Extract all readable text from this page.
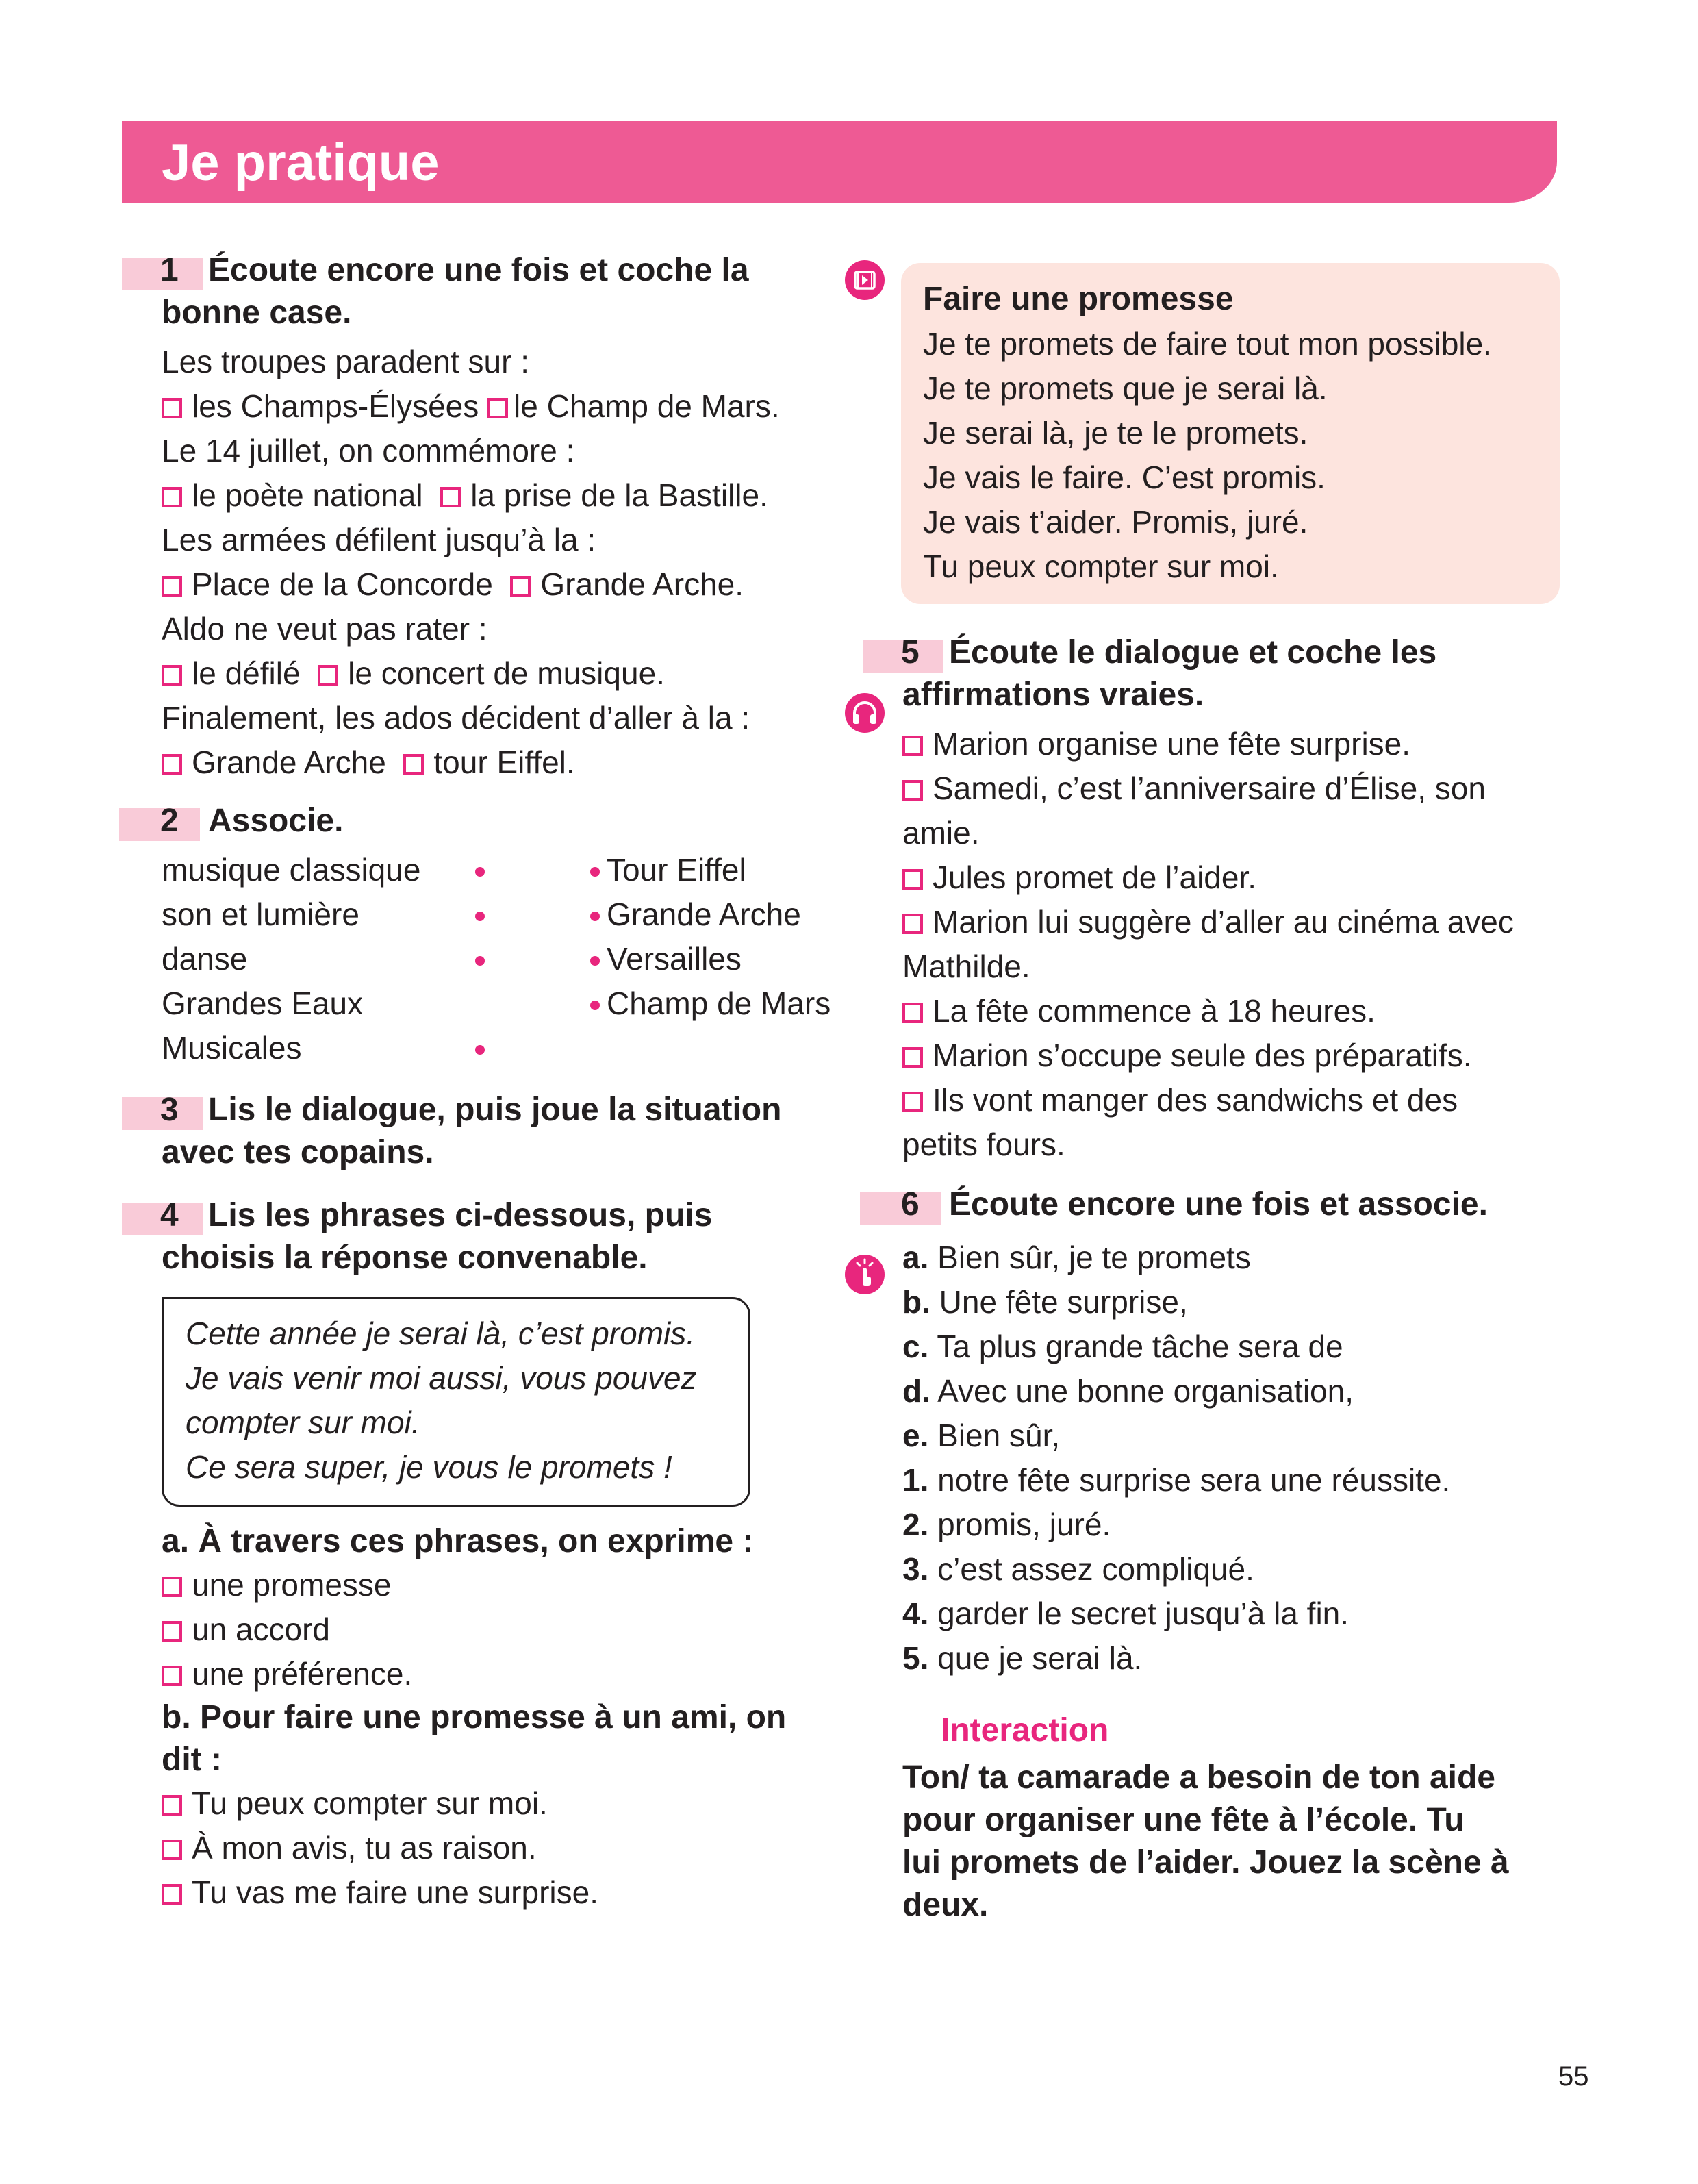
Je pratique
1 Écoute encore une fois et coche la
bonne case.
Les troupes paradent sur :
les Champs-Élysées le Champ de Mars.
Le 14 juillet, on commémore :
le poète national la prise de la Bastille.
Les armées défilent jusqu’à la :
Place de la Concorde Grande Arche.
Aldo ne veut pas rater :
le défilé le concert de musique.
Finalement, les ados décident d’aller à la :
Grande Arche tour Eiffel.
2 Associe.
musique classique
son et lumière
danse
Grandes Eaux
Musicales
Tour Eiffel
Grande Arche
Versailles
Champ de Mars
3 Lis le dialogue, puis joue la situation
avec tes copains.
4 Lis les phrases ci-dessous, puis
choisis la réponse convenable.
Cette année je serai là, c’est promis.
Je vais venir moi aussi, vous pouvez
compter sur moi.
Ce sera super, je vous le promets !
a. À travers ces phrases, on exprime :
une promesse
un accord
une préférence.
b. Pour faire une promesse à un ami, on
dit :
Tu peux compter sur moi.
À mon avis, tu as raison.
Tu vas me faire une surprise.
Faire une promesse
Je te promets de faire tout mon possible.
Je te promets que je serai là.
Je serai là, je te le promets.
Je vais le faire. C’est promis.
Je vais t’aider. Promis, juré.
Tu peux compter sur moi.
5 Écoute le dialogue et coche les
affirmations vraies.
Marion organise une fête surprise.
Samedi, c’est l’anniversaire d’Élise, son
amie.
Jules promet de l’aider.
Marion lui suggère d’aller au cinéma avec
Mathilde.
La fête commence à 18 heures.
Marion s’occupe seule des préparatifs.
Ils vont manger des sandwichs et des
petits fours.
6 Écoute encore une fois et associe.
a. Bien sûr, je te promets
b. Une fête surprise,
c. Ta plus grande tâche sera de
d. Avec une bonne organisation,
e. Bien sûr,
1. notre fête surprise sera une réussite.
2. promis, juré.
3. c’est assez compliqué.
4. garder le secret jusqu’à la fin.
5. que je serai là.
Interaction
Ton/ ta camarade a besoin de ton aide
pour organiser une fête à l’école. Tu
lui promets de l’aider. Jouez la scène à
deux.
55
